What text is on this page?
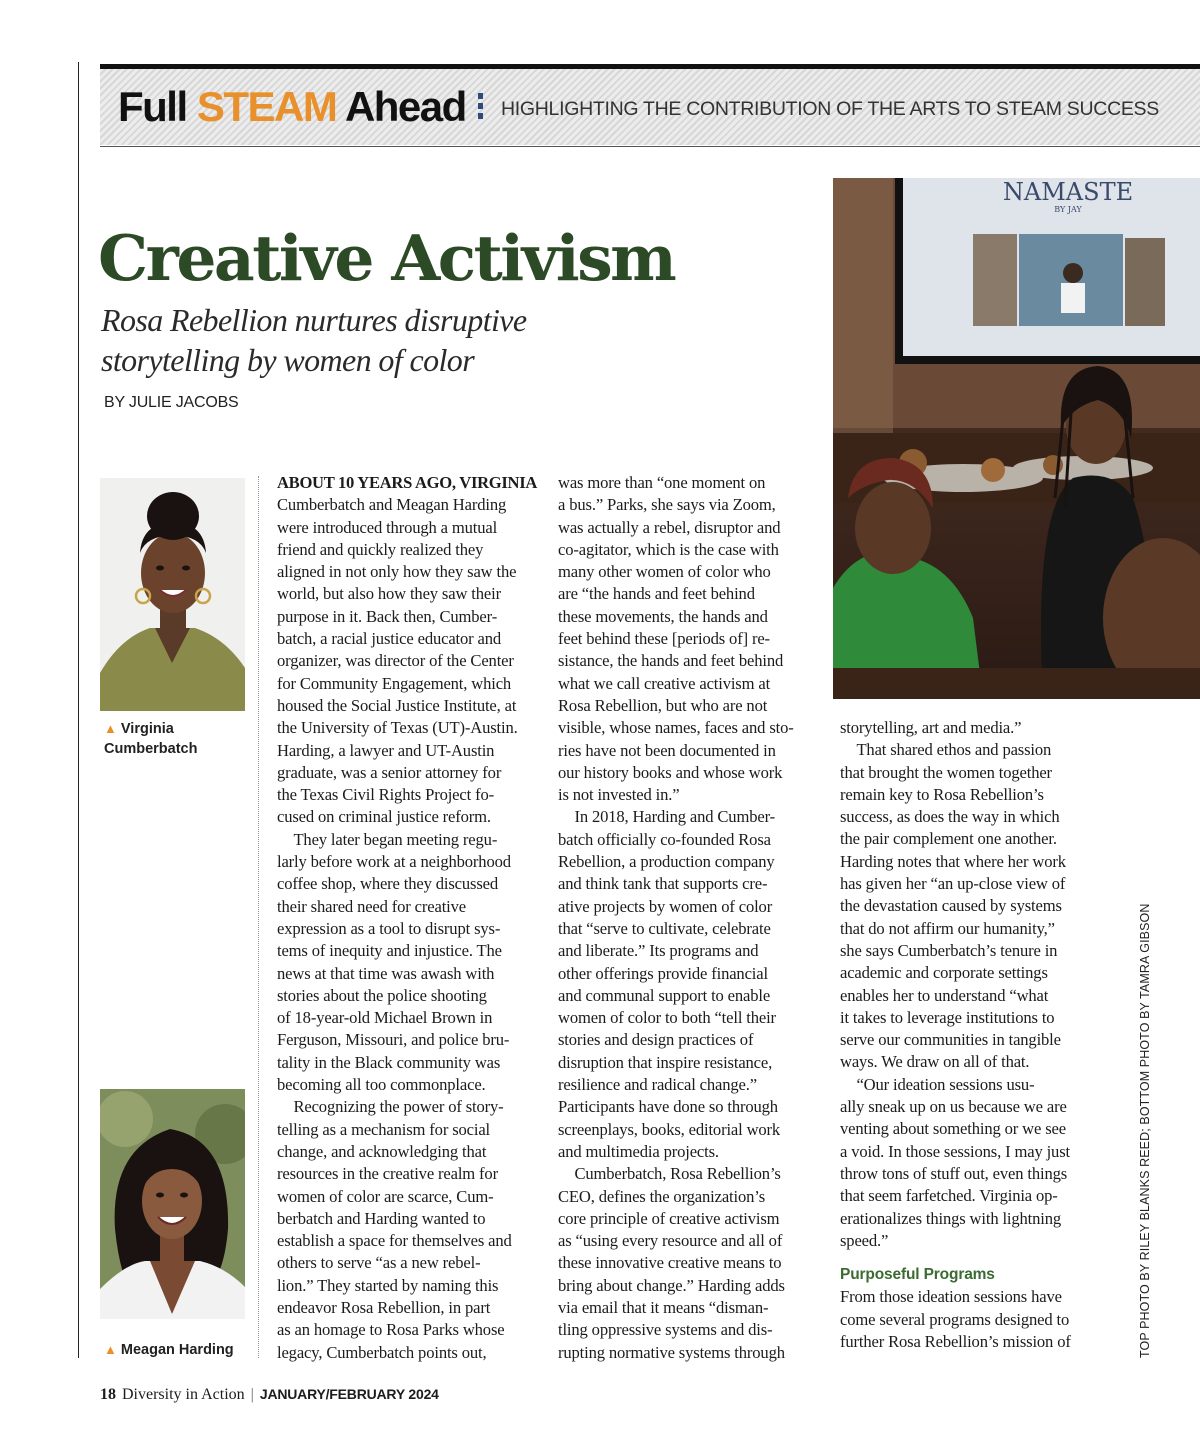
Full STEAM Ahead HIGHLIGHTING THE CONTRIBUTION OF THE ARTS TO STEAM SUCCESS
Creative Activism
Rosa Rebellion nurtures disruptive
storytelling by women of color
BY JULIE JACOBS
▲ Virginia
Cumberbatch
▲ Meagan Harding

ABOUT 10 YEARS AGO, VIRGINIA

Cumberbatch and Meagan Harding

were introduced through a mutual

friend and quickly realized they

aligned in not only how they saw the

world, but also how they saw their

purpose in it. Back then, Cumber-

batch, a racial justice educator and

organizer, was director of the Center

for Community Engagement, which

housed the Social Justice Institute, at

the University of Texas (UT)-Austin.

Harding, a lawyer and UT-Austin

graduate, was a senior attorney for

the Texas Civil Rights Project fo-

cused on criminal justice reform.

 They later began meeting regu-

larly before work at a neighborhood

coffee shop, where they discussed

their shared need for creative

expression as a tool to disrupt sys-

tems of inequity and injustice. The

news at that time was awash with

stories about the police shooting

of 18-year-old Michael Brown in

Ferguson, Missouri, and police bru-

tality in the Black community was

becoming all too commonplace.

 Recognizing the power of story-

telling as a mechanism for social

change, and acknowledging that

resources in the creative realm for

women of color are scarce, Cum-

berbatch and Harding wanted to

establish a space for themselves and

others to serve “as a new rebel-

lion.” They started by naming this

endeavor Rosa Rebellion, in part

as an homage to Rosa Parks whose

legacy, Cumberbatch points out,

was more than “one moment on

a bus.” Parks, she says via Zoom,

was actually a rebel, disruptor and

co-agitator, which is the case with

many other women of color who

are “the hands and feet behind

these movements, the hands and

feet behind these [periods of] re-

sistance, the hands and feet behind

what we call creative activism at

Rosa Rebellion, but who are not

visible, whose names, faces and sto-

ries have not been documented in

our history books and whose work

is not invested in.”

 In 2018, Harding and Cumber-

batch officially co-founded Rosa

Rebellion, a production company

and think tank that supports cre-

ative projects by women of color

that “serve to cultivate, celebrate

and liberate.” Its programs and

other offerings provide financial

and communal support to enable

women of color to both “tell their

stories and design practices of

disruption that inspire resistance,

resilience and radical change.”

Participants have done so through

screenplays, books, editorial work

and multimedia projects.

 Cumberbatch, Rosa Rebellion’s

CEO, defines the organization’s

core principle of creative activism

as “using every resource and all of

these innovative creative means to

bring about change.” Harding adds

via email that it means “disman-

tling oppressive systems and dis-

rupting normative systems through

storytelling, art and media.”

 That shared ethos and passion

that brought the women together

remain key to Rosa Rebellion’s

success, as does the way in which

the pair complement one another.

Harding notes that where her work

has given her “an up-close view of

the devastation caused by systems

that do not affirm our humanity,”

she says Cumberbatch’s tenure in

academic and corporate settings

enables her to understand “what

it takes to leverage institutions to

serve our communities in tangible

ways. We draw on all of that.

 “Our ideation sessions usu-

ally sneak up on us because we are

venting about something or we see

a void. In those sessions, I may just

throw tons of stuff out, even things

that seem farfetched. Virginia op-

erationalizes things with lightning

speed.”

Purposeful Programs

From those ideation sessions have

come several programs designed to

further Rosa Rebellion’s mission of

NAMASTE
BY JAY
TOP PHOTO BY RILEY BLANKS REED; BOTTOM PHOTO BY TAMRA GIBSON
18 Diversity in Action | JANUARY/FEBRUARY 2024
